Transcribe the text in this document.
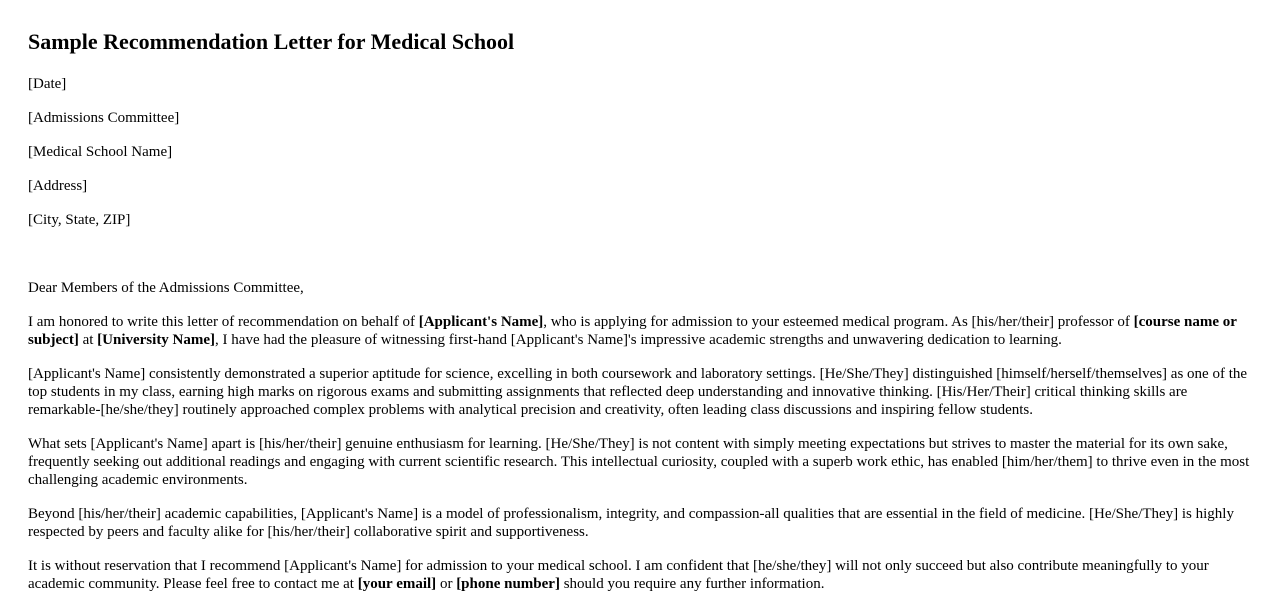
Sample Recommendation Letter for Medical School

[Date]

[Admissions Committee]

[Medical School Name]

[Address]

[City, State, ZIP]

Dear Members of the Admissions Committee,

I am honored to write this letter of recommendation on behalf of [Applicant's Name], who is applying for admission to your esteemed medical program. As [his/her/their] professor of [course name or subject] at [University Name], I have had the pleasure of witnessing first-hand [Applicant's Name]'s impressive academic strengths and unwavering dedication to learning.

[Applicant's Name] consistently demonstrated a superior aptitude for science, excelling in both coursework and laboratory settings. [He/She/They] distinguished [himself/herself/themselves] as one of the top students in my class, earning high marks on rigorous exams and submitting assignments that reflected deep understanding and innovative thinking. [His/Her/Their] critical thinking skills are remarkable-[he/she/they] routinely approached complex problems with analytical precision and creativity, often leading class discussions and inspiring fellow students.

What sets [Applicant's Name] apart is [his/her/their] genuine enthusiasm for learning. [He/She/They] is not content with simply meeting expectations but strives to master the material for its own sake, frequently seeking out additional readings and engaging with current scientific research. This intellectual curiosity, coupled with a superb work ethic, has enabled [him/her/them] to thrive even in the most challenging academic environments.

Beyond [his/her/their] academic capabilities, [Applicant's Name] is a model of professionalism, integrity, and compassion-all qualities that are essential in the field of medicine. [He/She/They] is highly respected by peers and faculty alike for [his/her/their] collaborative spirit and supportiveness.

It is without reservation that I recommend [Applicant's Name] for admission to your medical school. I am confident that [he/she/they] will not only succeed but also contribute meaningfully to your academic community. Please feel free to contact me at [your email] or [phone number] should you require any further information.
